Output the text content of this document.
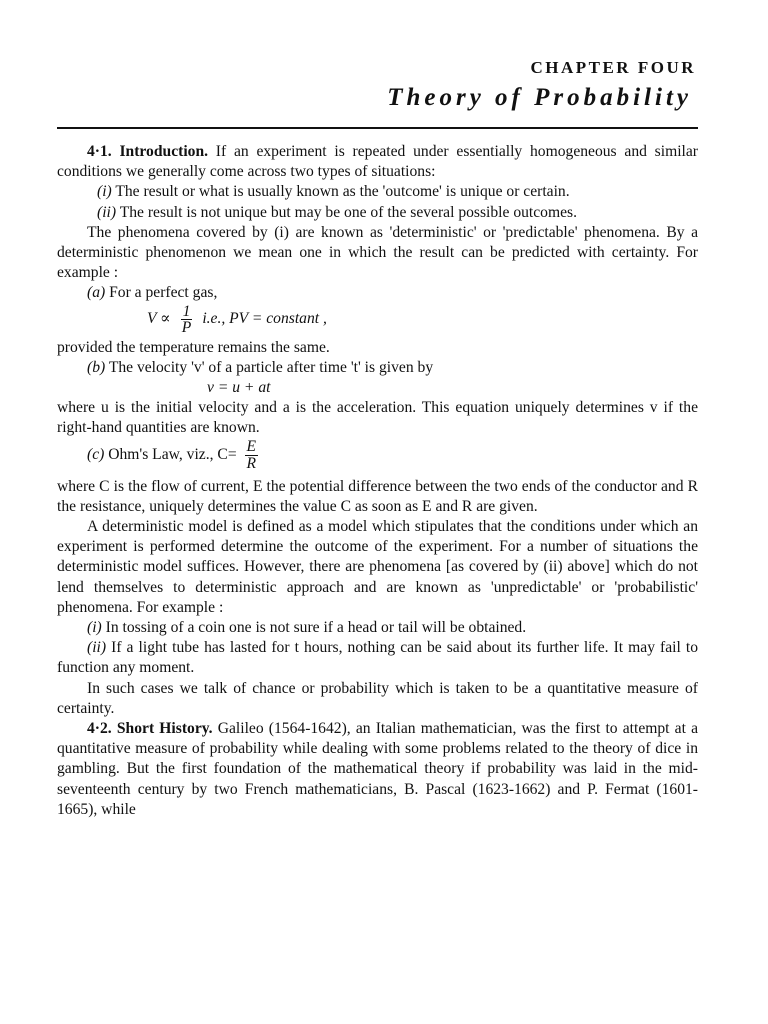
CHAPTER FOUR
Theory of Probability

4·1. Introduction. If an experiment is repeated under essentially homogeneous and similar conditions we generally come across two types of situations:

(i) The result or what is usually known as the 'outcome' is unique or certain.

(ii) The result is not unique but may be one of the several possible outcomes.

The phenomena covered by (i) are known as 'deterministic' or 'predictable' phenomena. By a deterministic phenomenon we mean one in which the result can be predicted with certainty. For example :

(a) For a perfect gas,

$V \propto \frac{1}{P} i.e$., PV = constant ,

provided the temperature remains the same.

(b) The velocity 'v' of a particle after time 't' is given by

v = u + at

where u is the initial velocity and a is the acceleration. This equation uniquely determines v if the right-hand quantities are known.

(c) Ohm's Law, viz., $C= \frac{E}{R}$

where C is the flow of current, E the potential difference between the two ends of the conductor and R the resistance, uniquely determines the value C as soon as E and R are given.

A deterministic model is defined as a model which stipulates that the conditions under which an experiment is performed determine the outcome of the experiment. For a number of situations the deterministic model suffices. However, there are phenomena [as covered by (ii) above] which do not lend themselves to deterministic approach and are known as 'unpredictable' or 'probabilistic' phenomena. For example :

(i) In tossing of a coin one is not sure if a head or tail will be obtained.

(ii) If a light tube has lasted for t hours, nothing can be said about its further life. It may fail to function any moment.

In such cases we talk of chance or probability which is taken to be a quantitative measure of certainty.

4·2. Short History. Galileo (1564-1642), an Italian mathematician, was the first to attempt at a quantitative measure of probability while dealing with some problems related to the theory of dice in gambling. But the first foundation of the mathematical theory if probability was laid in the mid-seventeenth century by two French mathematicians, B. Pascal (1623-1662) and P. Fermat (1601-1665), while
